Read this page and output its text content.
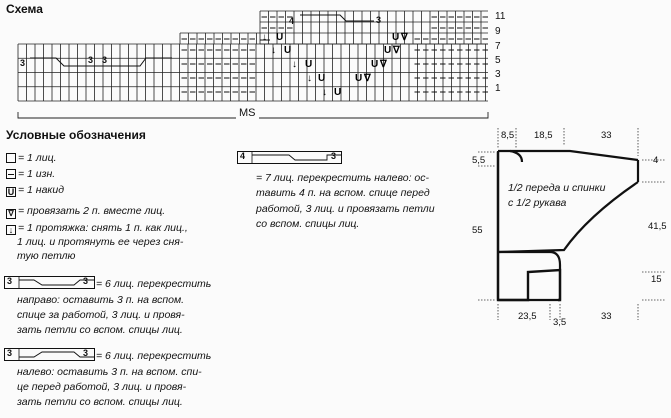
Схема
U
U
U
U
U
U
U
U
U
∇
∇
∇
∇
↓
↓
↓
↓
↓
11
9
7
5
3
1
MS
3	3 3
4	3
Условные обозначения
= 1 лиц.
= 1 изн.
U = 1 накид
∇ = провязать 2 п. вместе лиц.
↓ = 1 протяжка: снять 1 п. как лиц.,
1 лиц. и протянуть ее через сня-
тую петлю
3	3 = 6 лиц. перекрестить
направо: оставить 3 п. на вспом.
спице за работой, 3 лиц. и провя-
зать петли со вспом. спицы лиц.
3	3 = 6 лиц. перекрестить
налево: оставить 3 п. на вспом. спи-
це перед работой, 3 лиц. и провя-
зать петли со вспом. спицы лиц.
4	3
= 7 лиц. перекрестить налево: ос-
тавить 4 п. на вспом. спице перед
работой, 3 лиц. и провязать петли
со вспом. спицы лиц.
1/2 переда и спинки
с 1/2 рукава
8,5 18,5	33
5,5
55
4
41,5
15
23,5
3,5
33
